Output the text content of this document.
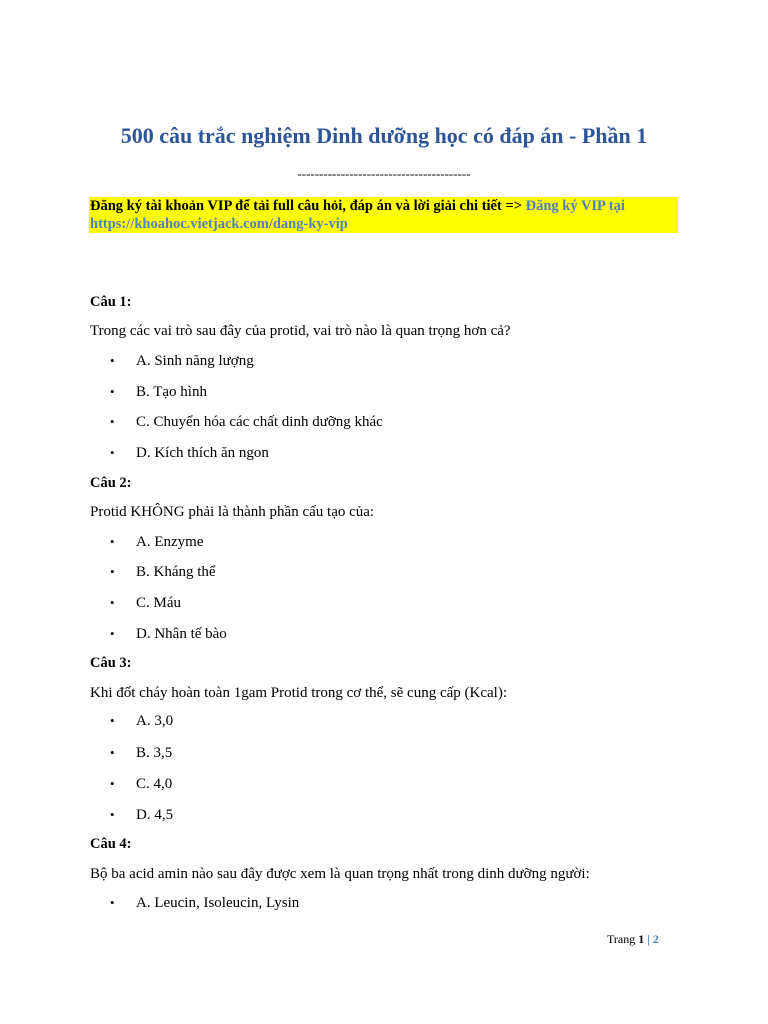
500 câu trắc nghiệm Dinh dưỡng học có đáp án - Phần 1
----------------------------------------
Đăng ký tài khoản VIP để tải full câu hỏi, đáp án và lời giải chi tiết => Đăng ký VIP tại
https://khoahoc.vietjack.com/dang-ky-vip
Câu 1:
Trong các vai trò sau đây của protid, vai trò nào là quan trọng hơn cả?
• A. Sinh năng lượng
• B. Tạo hình
• C. Chuyển hóa các chất dinh dưỡng khác
• D. Kích thích ăn ngon
Câu 2:
Protid KHÔNG phải là thành phần cấu tạo của:
• A. Enzyme
• B. Kháng thể
• C. Máu
• D. Nhân tế bào
Câu 3:
Khi đốt cháy hoàn toàn 1gam Protid trong cơ thể, sẽ cung cấp (Kcal):
• A. 3,0
• B. 3,5
• C. 4,0
• D. 4,5
Câu 4:
Bộ ba acid amin nào sau đây được xem là quan trọng nhất trong dinh dưỡng người:
• A. Leucin, Isoleucin, Lysin
Trang 1 | 2
